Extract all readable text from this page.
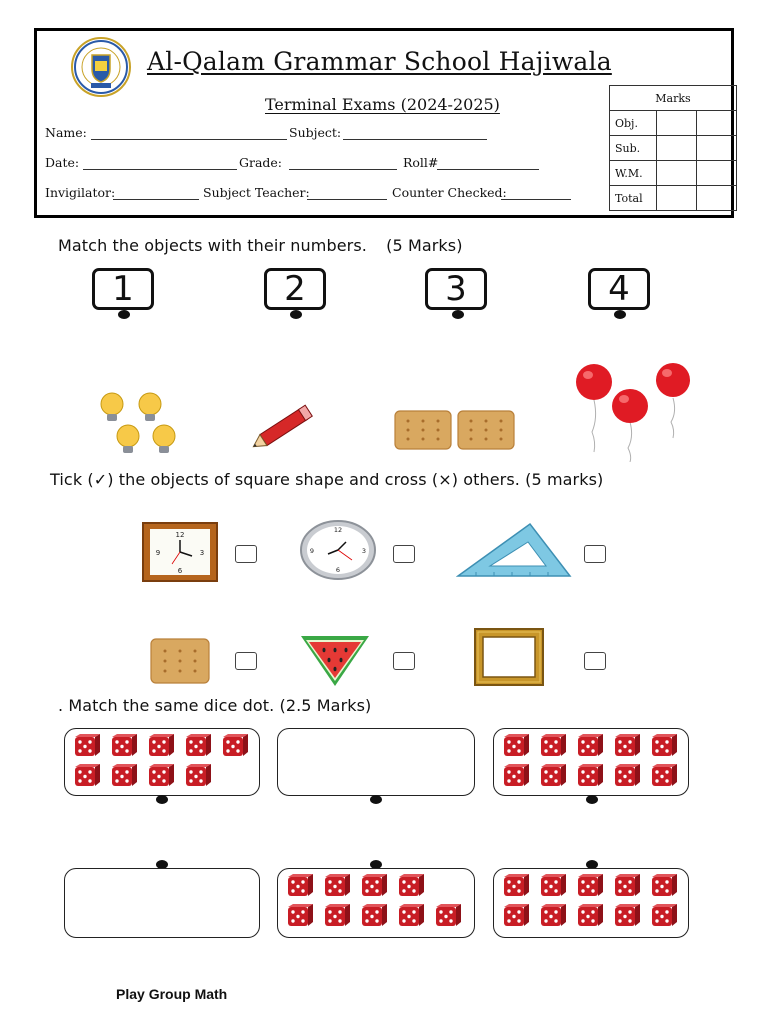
Al-Qalam Grammar School Hajiwala
Terminal Exams (2024-2025)
Name:	Subject:
Date:	Grade:	Roll#
Invigilator:	Subject Teacher:	Counter Checked:
Marks		
Obj.		
Sub.		
W.M.		
Total		
Match the objects with their numbers. (5 Marks)
1	2	3	4
Tick (✓) the objects of square shape and cross (×) others. (5 marks)
12
3
6
9
12
3
6
9
. Match the same dice dot. (2.5 Marks)
Play Group Math
